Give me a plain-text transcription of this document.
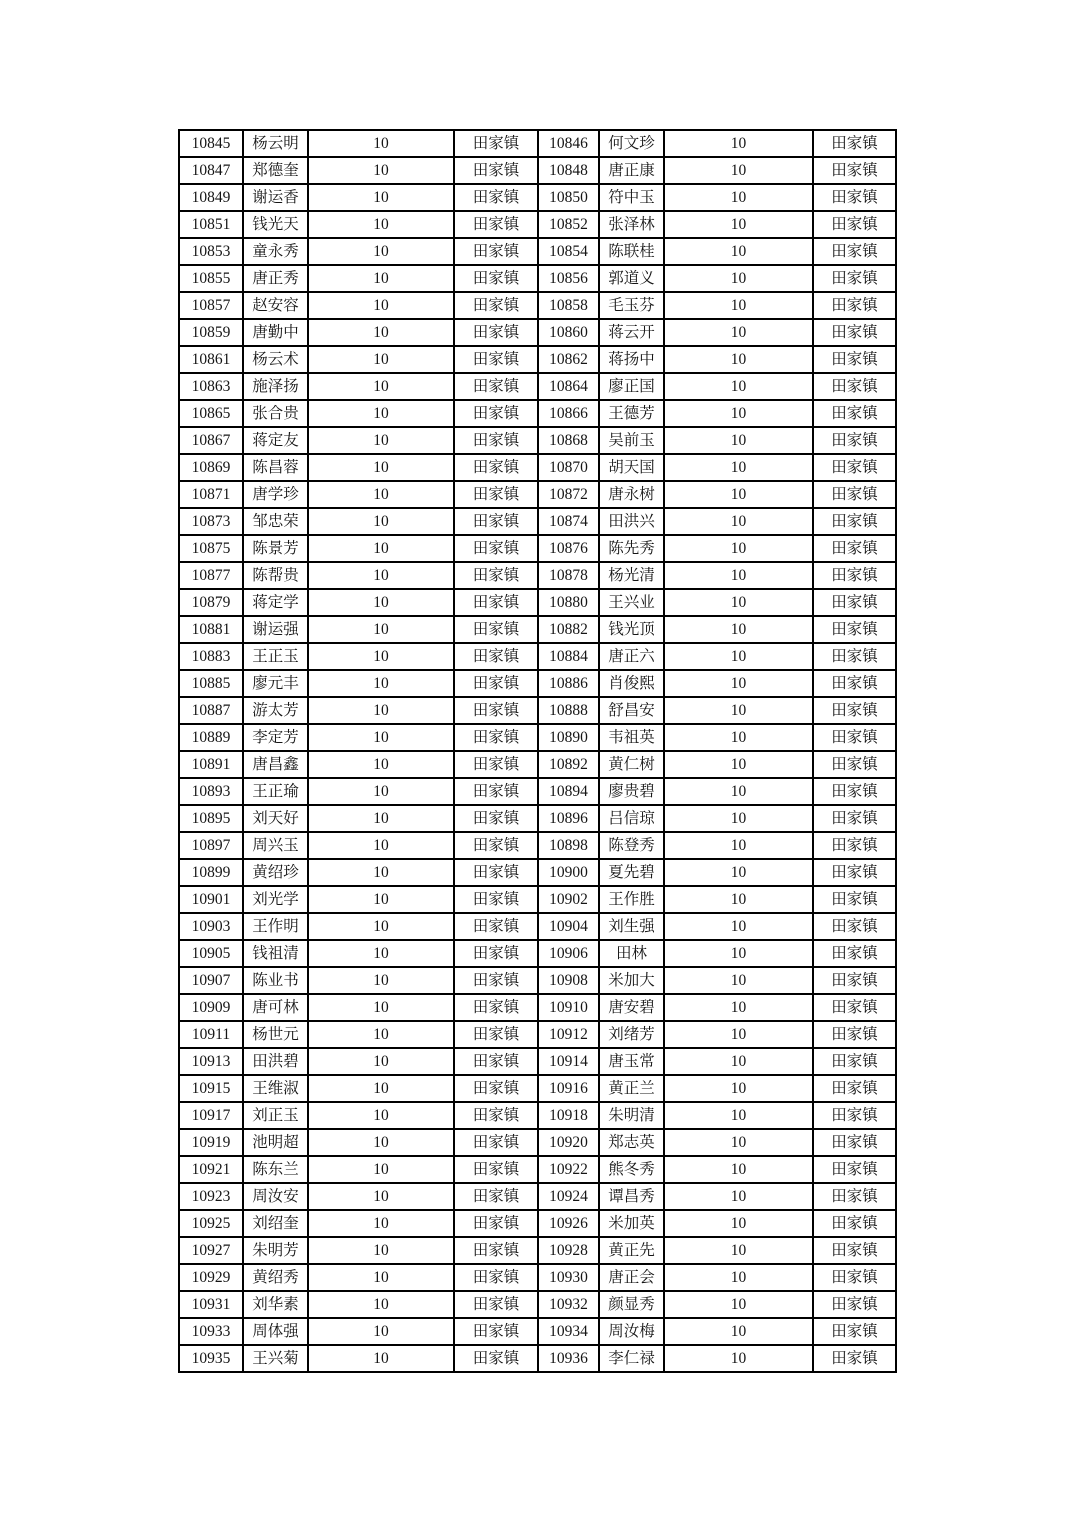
10845	杨云明	10	田家镇	10846	何文珍	10	田家镇
10847	郑德奎	10	田家镇	10848	唐正康	10	田家镇
10849	谢运香	10	田家镇	10850	符中玉	10	田家镇
10851	钱光天	10	田家镇	10852	张泽林	10	田家镇
10853	童永秀	10	田家镇	10854	陈联桂	10	田家镇
10855	唐正秀	10	田家镇	10856	郭道义	10	田家镇
10857	赵安容	10	田家镇	10858	毛玉芬	10	田家镇
10859	唐勤中	10	田家镇	10860	蒋云开	10	田家镇
10861	杨云术	10	田家镇	10862	蒋扬中	10	田家镇
10863	施泽扬	10	田家镇	10864	廖正国	10	田家镇
10865	张合贵	10	田家镇	10866	王德芳	10	田家镇
10867	蒋定友	10	田家镇	10868	吴前玉	10	田家镇
10869	陈昌蓉	10	田家镇	10870	胡天国	10	田家镇
10871	唐学珍	10	田家镇	10872	唐永树	10	田家镇
10873	邹忠荣	10	田家镇	10874	田洪兴	10	田家镇
10875	陈景芳	10	田家镇	10876	陈先秀	10	田家镇
10877	陈帮贵	10	田家镇	10878	杨光清	10	田家镇
10879	蒋定学	10	田家镇	10880	王兴业	10	田家镇
10881	谢运强	10	田家镇	10882	钱光顶	10	田家镇
10883	王正玉	10	田家镇	10884	唐正六	10	田家镇
10885	廖元丰	10	田家镇	10886	肖俊熙	10	田家镇
10887	游太芳	10	田家镇	10888	舒昌安	10	田家镇
10889	李定芳	10	田家镇	10890	韦祖英	10	田家镇
10891	唐昌鑫	10	田家镇	10892	黄仁树	10	田家镇
10893	王正瑜	10	田家镇	10894	廖贵碧	10	田家镇
10895	刘天好	10	田家镇	10896	吕信琼	10	田家镇
10897	周兴玉	10	田家镇	10898	陈登秀	10	田家镇
10899	黄绍珍	10	田家镇	10900	夏先碧	10	田家镇
10901	刘光学	10	田家镇	10902	王作胜	10	田家镇
10903	王作明	10	田家镇	10904	刘生强	10	田家镇
10905	钱祖清	10	田家镇	10906	田林	10	田家镇
10907	陈业书	10	田家镇	10908	米加大	10	田家镇
10909	唐可林	10	田家镇	10910	唐安碧	10	田家镇
10911	杨世元	10	田家镇	10912	刘绪芳	10	田家镇
10913	田洪碧	10	田家镇	10914	唐玉常	10	田家镇
10915	王维淑	10	田家镇	10916	黄正兰	10	田家镇
10917	刘正玉	10	田家镇	10918	朱明清	10	田家镇
10919	池明超	10	田家镇	10920	郑志英	10	田家镇
10921	陈东兰	10	田家镇	10922	熊冬秀	10	田家镇
10923	周汝安	10	田家镇	10924	谭昌秀	10	田家镇
10925	刘绍奎	10	田家镇	10926	米加英	10	田家镇
10927	朱明芳	10	田家镇	10928	黄正先	10	田家镇
10929	黄绍秀	10	田家镇	10930	唐正会	10	田家镇
10931	刘华素	10	田家镇	10932	颜显秀	10	田家镇
10933	周体强	10	田家镇	10934	周汝梅	10	田家镇
10935	王兴菊	10	田家镇	10936	李仁禄	10	田家镇
